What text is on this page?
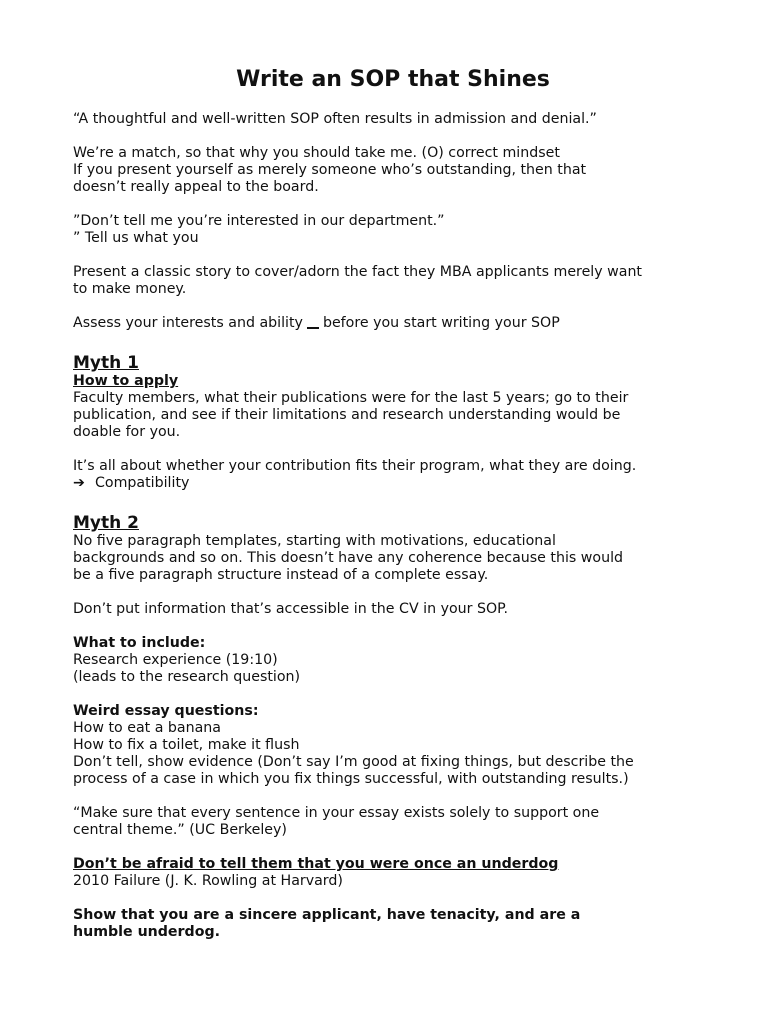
Write an SOP that Shines

“A thoughtful and well-written SOP often results in admission and denial.”

We’re a match, so that why you should take me. (O) correct mindset
If you present yourself as merely someone who’s outstanding, then that
doesn’t really appeal to the board.

”Don’t tell me you’re interested in our department.”
” Tell us what you

Present a classic story to cover/adorn the fact they MBA applicants merely want
to make money.

Assess your interests and ability before you start writing your SOP

Myth 1
How to apply

Faculty members, what their publications were for the last 5 years; go to their
publication, and see if their limitations and research understanding would be
doable for you.

It’s all about whether your contribution fits their program, what they are doing.
➔ Compatibility

Myth 2

No five paragraph templates, starting with motivations, educational
backgrounds and so on. This doesn’t have any coherence because this would
be a five paragraph structure instead of a complete essay.

Don’t put information that’s accessible in the CV in your SOP.

What to include:
Research experience (19:10)
(leads to the research question)

Weird essay questions:
How to eat a banana
How to fix a toilet, make it flush
Don’t tell, show evidence (Don’t say I’m good at fixing things, but describe the
process of a case in which you fix things successful, with outstanding results.)

“Make sure that every sentence in your essay exists solely to support one
central theme.” (UC Berkeley)

Don’t be afraid to tell them that you were once an underdog
2010 Failure (J. K. Rowling at Harvard)

Show that you are a sincere applicant, have tenacity, and are a
humble underdog.
